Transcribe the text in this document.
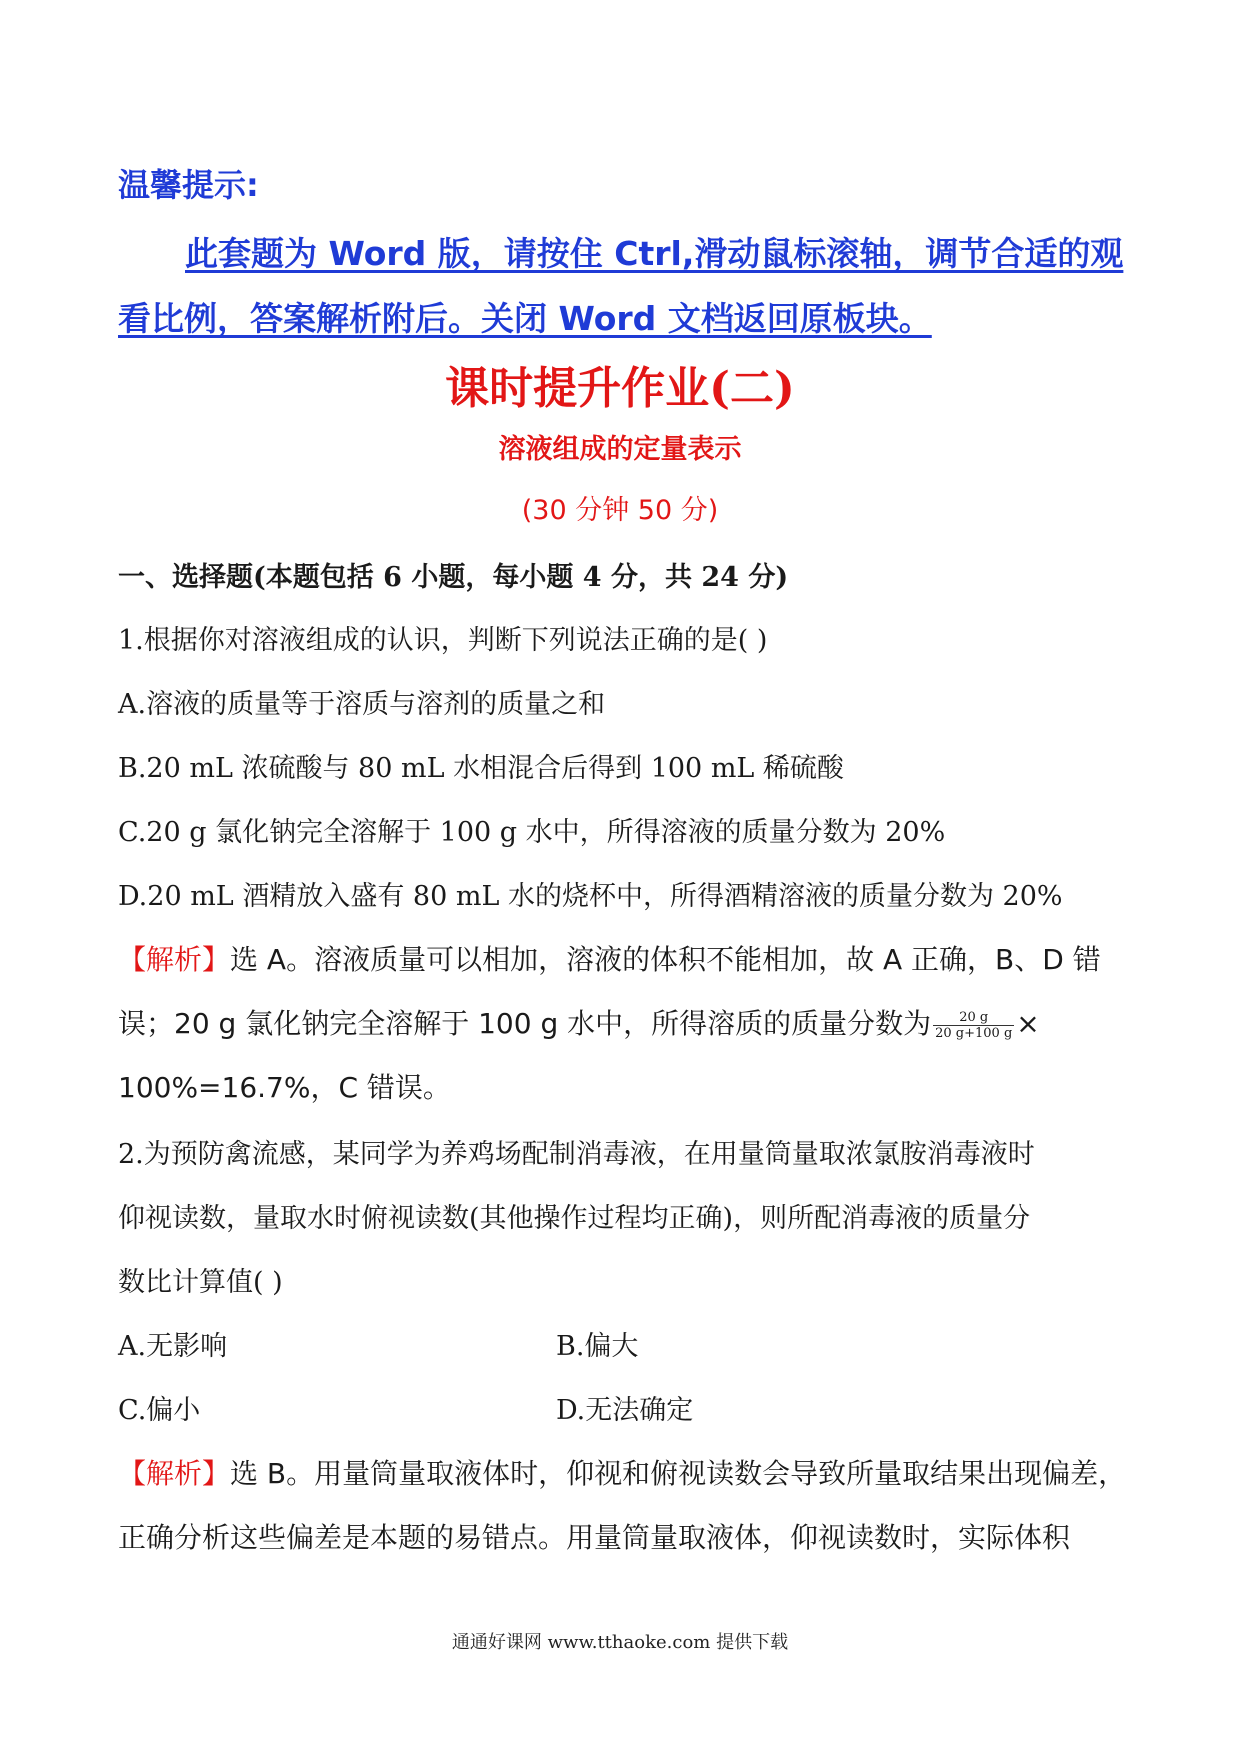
温馨提示:
此套题为 Word 版，请按住 Ctrl,滑动鼠标滚轴，调节合适的观
看比例，答案解析附后。关闭 Word 文档返回原板块。
课时提升作业(二)
溶液组成的定量表示
(30 分钟 50 分)
一、选择题(本题包括 6 小题，每小题 4 分，共 24 分)
1.根据你对溶液组成的认识，判断下列说法正确的是( )
A.溶液的质量等于溶质与溶剂的质量之和
B.20 mL 浓硫酸与 80 mL 水相混合后得到 100 mL 稀硫酸
C.20 g 氯化钠完全溶解于 100 g 水中，所得溶液的质量分数为 20%
D.20 mL 酒精放入盛有 80 mL 水的烧杯中，所得酒精溶液的质量分数为 20%
【解析】选 A。溶液质量可以相加，溶液的体积不能相加，故 A 正确，B、D 错
误；20 g 氯化钠完全溶解于 100 g 水中，所得溶质的质量分数为 $\frac{20 g}{20 g+100 g}$ ×
100%=16.7%，C 错误。
2.为预防禽流感，某同学为养鸡场配制消毒液，在用量筒量取浓氯胺消毒液时
仰视读数，量取水时俯视读数(其他操作过程均正确)，则所配消毒液的质量分
数比计算值( )
A.无影响	B.偏大
C.偏小	D.无法确定
【解析】选 B。用量筒量取液体时，仰视和俯视读数会导致所量取结果出现偏差，
正确分析这些偏差是本题的易错点。用量筒量取液体，仰视读数时，实际体积
通通好课网 www.tthaoke.com 提供下载
